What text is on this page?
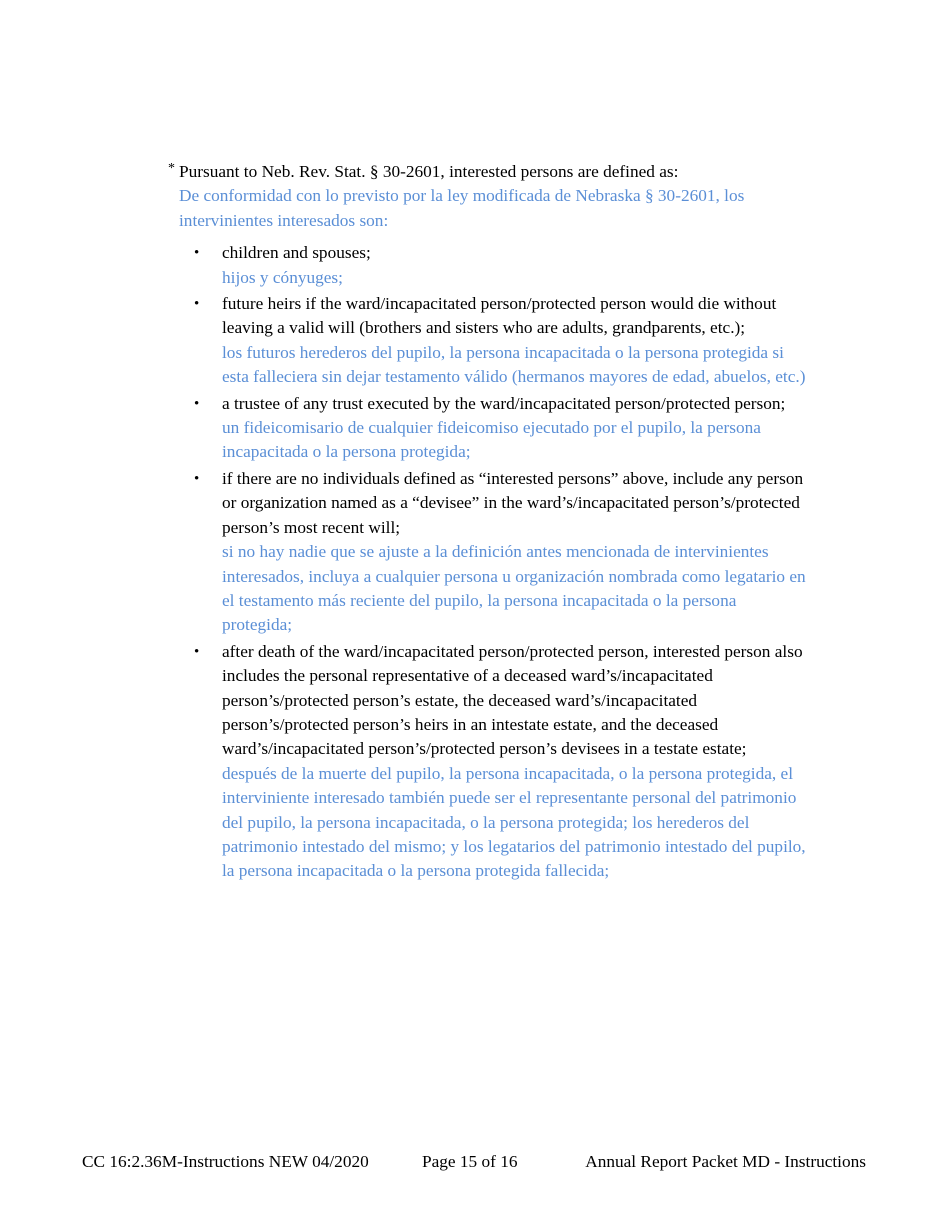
* Pursuant to Neb. Rev. Stat. § 30-2601, interested persons are defined as:
De conformidad con lo previsto por la ley modificada de Nebraska § 30-2601, los intervinientes interesados son:
• children and spouses;
hijos y cónyuges;
• future heirs if the ward/incapacitated person/protected person would die without leaving a valid will (brothers and sisters who are adults, grandparents, etc.);
los futuros herederos del pupilo, la persona incapacitada o la persona protegida si esta falleciera sin dejar testamento válido (hermanos mayores de edad, abuelos, etc.)
• a trustee of any trust executed by the ward/incapacitated person/protected person;
un fideicomisario de cualquier fideicomiso ejecutado por el pupilo, la persona incapacitada o la persona protegida;
• if there are no individuals defined as “interested persons” above, include any person or organization named as a “devisee” in the ward’s/incapacitated person’s/protected person’s most recent will;
si no hay nadie que se ajuste a la definición antes mencionada de intervinientes interesados, incluya a cualquier persona u organización nombrada como legatario en el testamento más reciente del pupilo, la persona incapacitada o la persona protegida;
• after death of the ward/incapacitated person/protected person, interested person also includes the personal representative of a deceased ward’s/incapacitated person’s/protected person’s estate, the deceased ward’s/incapacitated person’s/protected person’s heirs in an intestate estate, and the deceased ward’s/incapacitated person’s/protected person’s devisees in a testate estate;
después de la muerte del pupilo, la persona incapacitada, o la persona protegida, el interviniente interesado también puede ser el representante personal del patrimonio del pupilo, la persona incapacitada, o la persona protegida; los herederos del patrimonio intestado del mismo; y los legatarios del patrimonio intestado del pupilo, la persona incapacitada o la persona protegida fallecida;
CC 16:2.36M-Instructions NEW 04/2020	Page 15 of 16	Annual Report Packet MD - Instructions
